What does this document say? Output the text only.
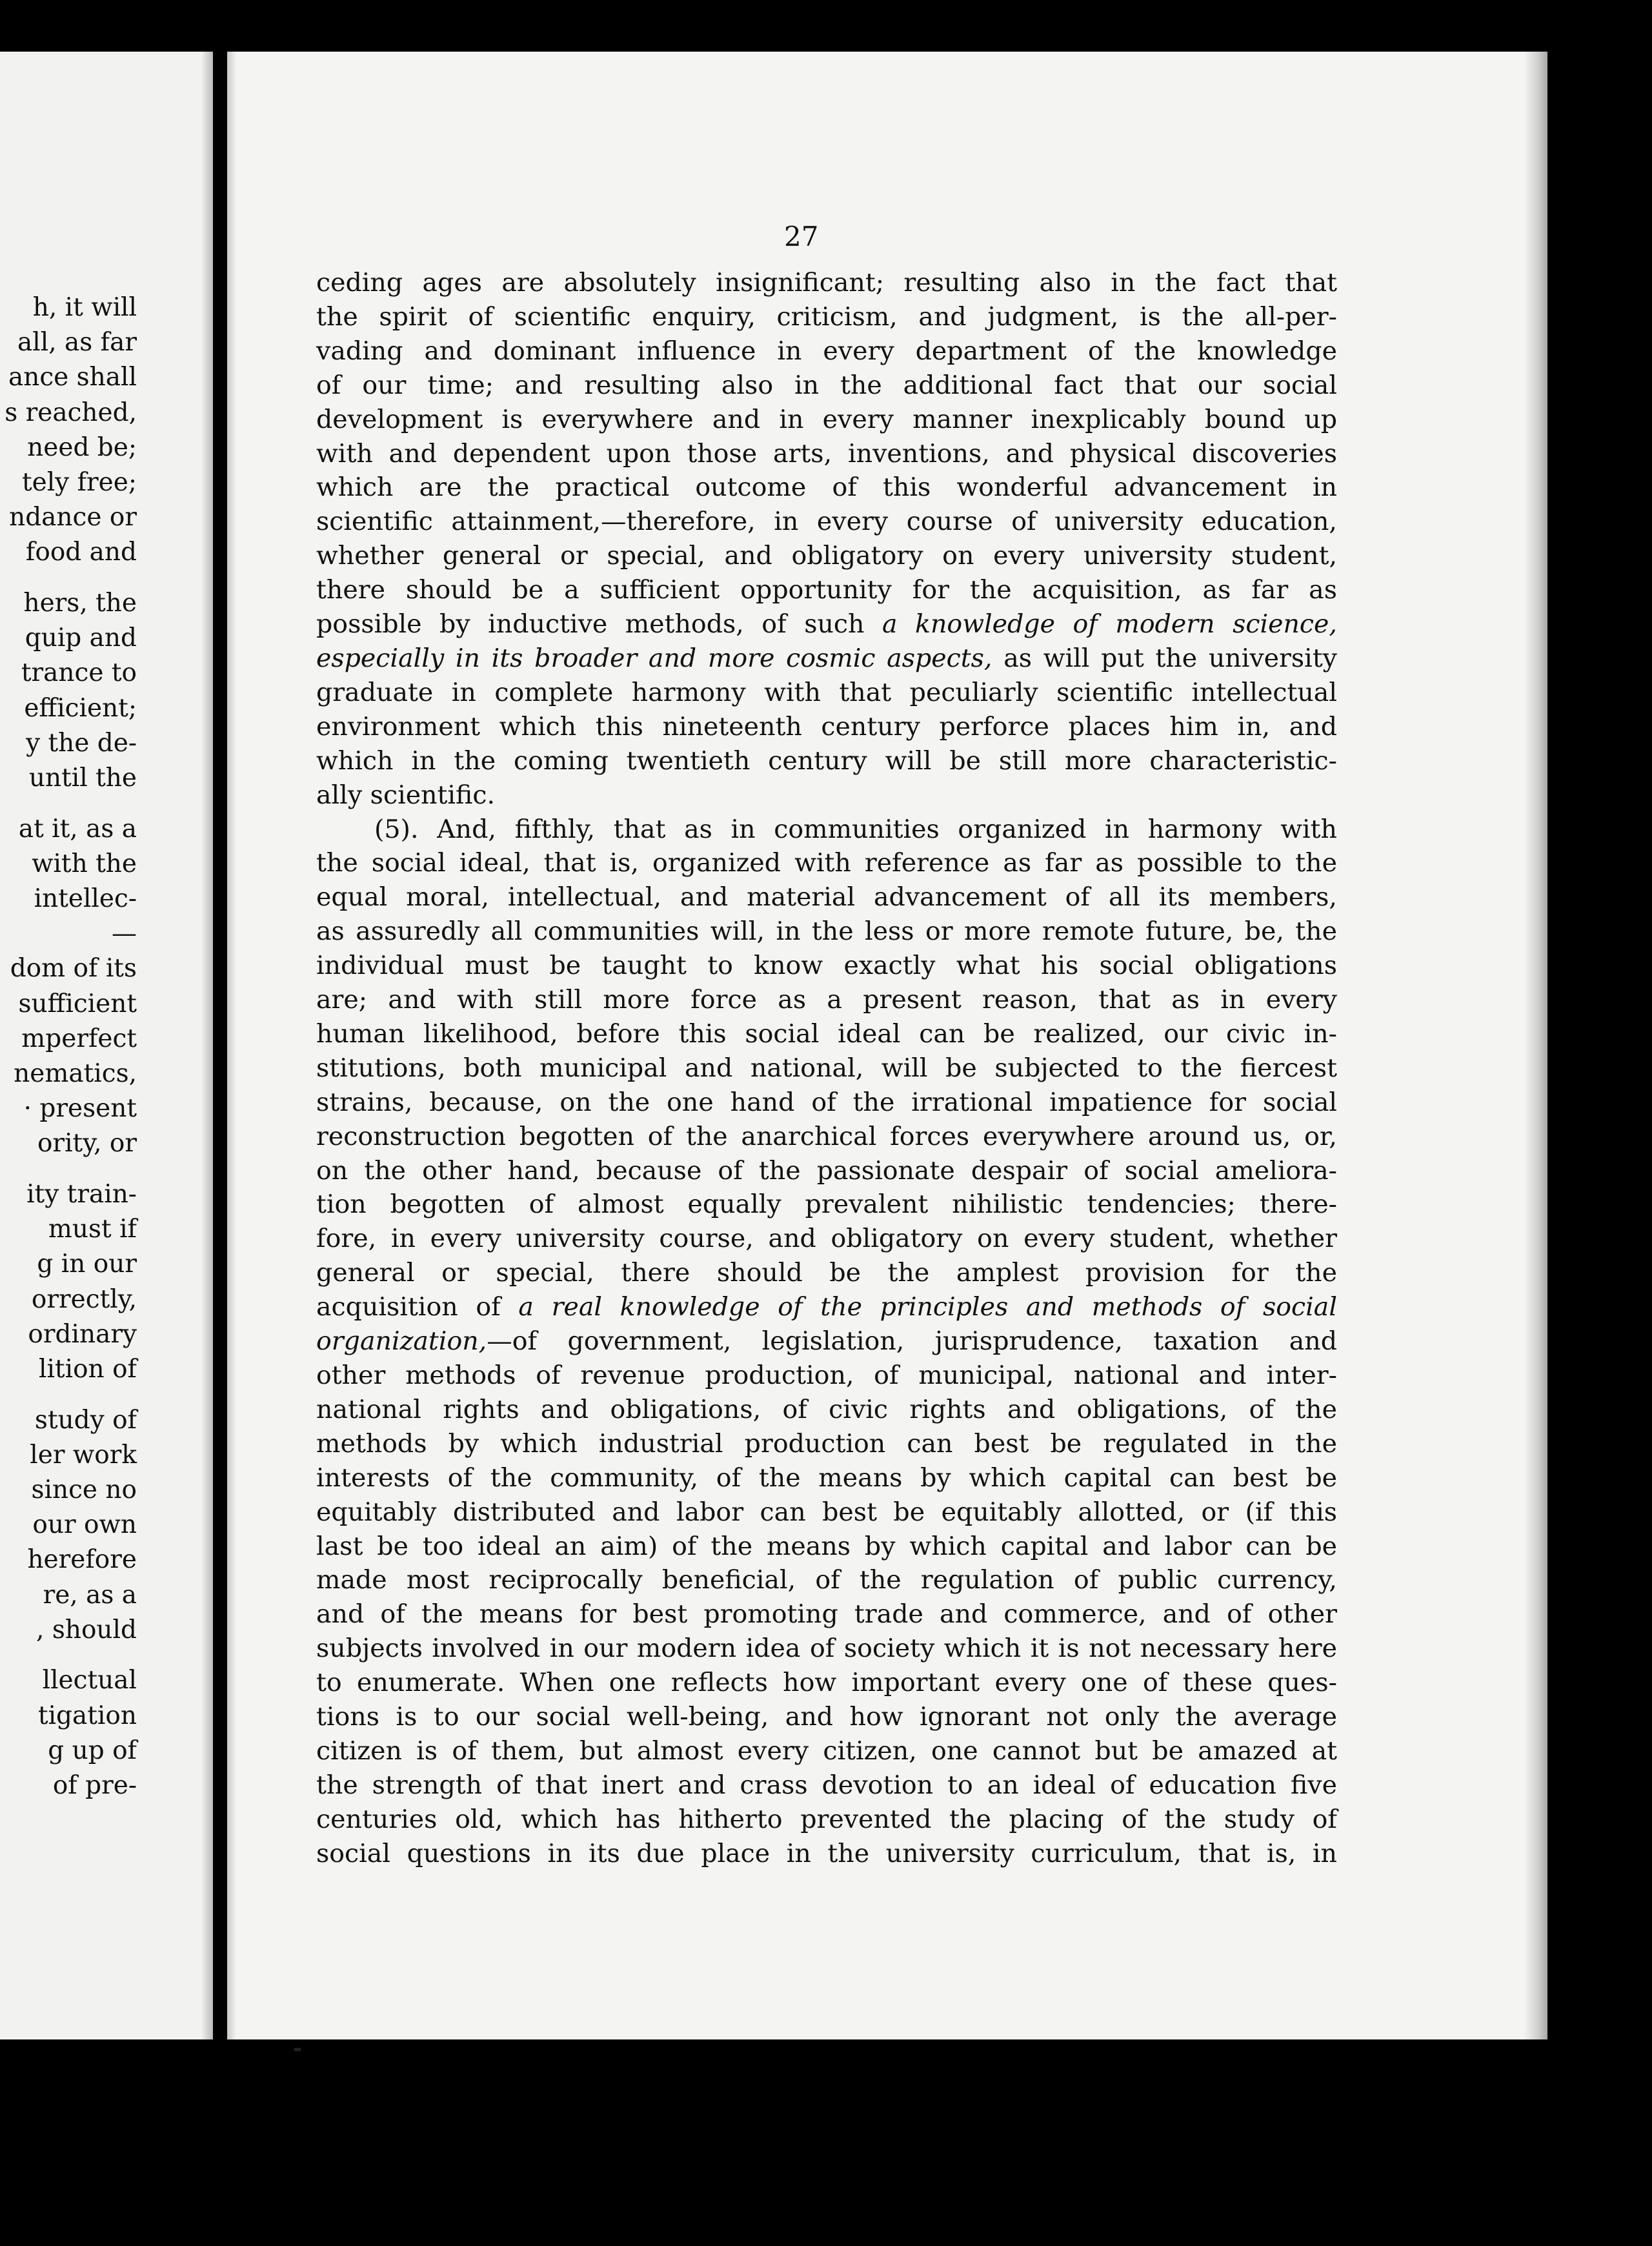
h, it will
all, as far
ance shall
s reached,
need be;
tely free;
ndance or
food and
hers, the
quip and
trance to
efficient;
y the de-
until the
at it, as a
with the
intellec-
—
dom of its
sufficient
mperfect
nematics,
· present
ority, or
ity train-
must if
g in our
orrectly,
ordinary
lition of
study of
ler work
since no
our own
herefore
re, as a
, should
llectual
tigation
g up of
of pre-
27
ceding ages are absolutely insignificant; resulting also in the fact that
the spirit of scientific enquiry, criticism, and judgment, is the all-per-
vading and dominant influence in every department of the knowledge
of our time; and resulting also in the additional fact that our social
development is everywhere and in every manner inexplicably bound up
with and dependent upon those arts, inventions, and physical discoveries
which are the practical outcome of this wonderful advancement in
scientific attainment,—therefore, in every course of university education,
whether general or special, and obligatory on every university student,
there should be a sufficient opportunity for the acquisition, as far as
possible by inductive methods, of such a knowledge of modern science,
especially in its broader and more cosmic aspects, as will put the university
graduate in complete harmony with that peculiarly scientific intellectual
environment which this nineteenth century perforce places him in, and
which in the coming twentieth century will be still more characteristic-
ally scientific.
(5). And, fifthly, that as in communities organized in harmony with
the social ideal, that is, organized with reference as far as possible to the
equal moral, intellectual, and material advancement of all its members,
as assuredly all communities will, in the less or more remote future, be, the
individual must be taught to know exactly what his social obligations
are; and with still more force as a present reason, that as in every
human likelihood, before this social ideal can be realized, our civic in-
stitutions, both municipal and national, will be subjected to the fiercest
strains, because, on the one hand of the irrational impatience for social
reconstruction begotten of the anarchical forces everywhere around us, or,
on the other hand, because of the passionate despair of social ameliora-
tion begotten of almost equally prevalent nihilistic tendencies; there-
fore, in every university course, and obligatory on every student, whether
general or special, there should be the amplest provision for the
acquisition of a real knowledge of the principles and methods of social
organization,—of government, legislation, jurisprudence, taxation and
other methods of revenue production, of municipal, national and inter-
national rights and obligations, of civic rights and obligations, of the
methods by which industrial production can best be regulated in the
interests of the community, of the means by which capital can best be
equitably distributed and labor can best be equitably allotted, or (if this
last be too ideal an aim) of the means by which capital and labor can be
made most reciprocally beneficial, of the regulation of public currency,
and of the means for best promoting trade and commerce, and of other
subjects involved in our modern idea of society which it is not necessary here
to enumerate. When one reflects how important every one of these ques-
tions is to our social well-being, and how ignorant not only the average
citizen is of them, but almost every citizen, one cannot but be amazed at
the strength of that inert and crass devotion to an ideal of education five
centuries old, which has hitherto prevented the placing of the study of
social questions in its due place in the university curriculum, that is, in
